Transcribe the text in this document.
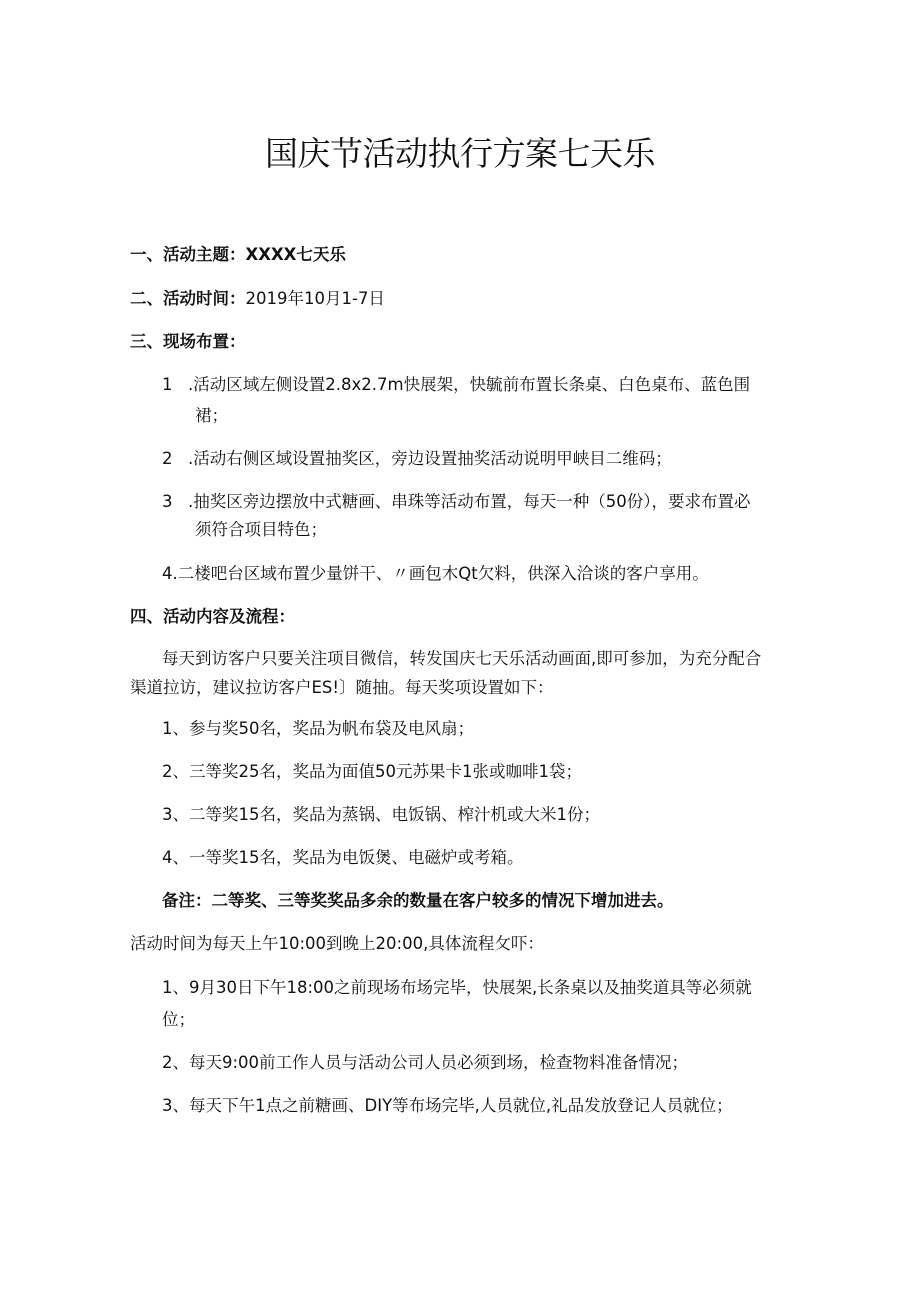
国庆节活动执行方案七天乐
一、活动主题：XXXX七天乐
二、活动时间：2019年10月1-7日
三、现场布置：
1 .活动区域左侧设置2.8x2.7m快展架，快毓前布置长条桌、白色桌布、蓝色围
裙；
2 .活动右侧区域设置抽奖区，旁边设置抽奖活动说明甲峡目二维码；
3 .抽奖区旁边摆放中式糖画、串珠等活动布置，每天一种（50份），要求布置必
须符合项目特色；
4.二楼吧台区域布置少量饼干、〃画包木Qt欠料，供深入洽谈的客户享用。
四、活动内容及流程：
每天到访客户只要关注项目微信，转发国庆七天乐活动画面,即可参加，为充分配合
渠道拉访，建议拉访客户ES!〕随抽。每天奖项设置如下：
1、参与奖50名，奖品为帆布袋及电风扇；
2、三等奖25名，奖品为面值50元苏果卡1张或咖啡1袋；
3、二等奖15名，奖品为蒸锅、电饭锅、榨汁机或大米1份；
4、一等奖15名，奖品为电饭煲、电磁炉或考箱。
备注：二等奖、三等奖奖品多余的数量在客户较多的情况下增加进去。
活动时间为每天上午10:00到晚上20:00,具体流程攵吓：
1、9月30日下午18:00之前现场布场完毕，快展架,长条桌以及抽奖道具等必须就
位；
2、每天9:00前工作人员与活动公司人员必须到场，检查物料准备情况；
3、每天下午1点之前糖画、DIY等布场完毕,人员就位,礼品发放登记人员就位；
